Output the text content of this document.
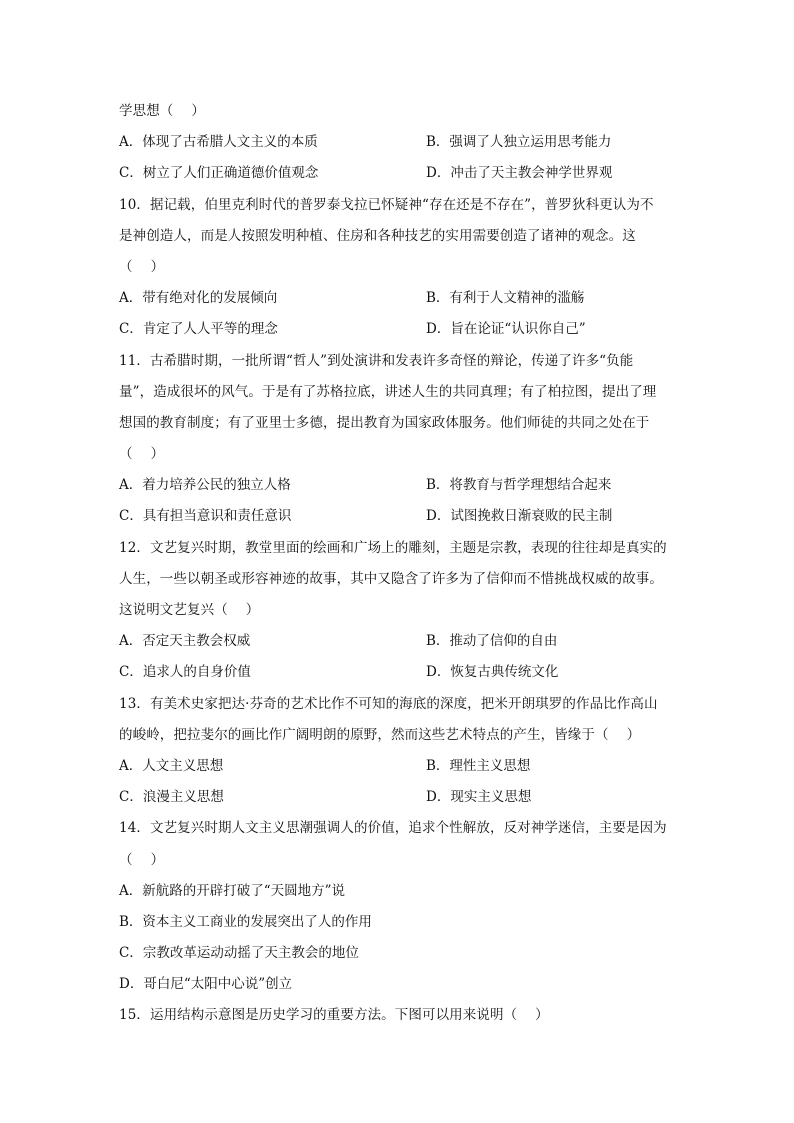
学思想（　 ）
A．体现了古希腊人文主义的本质	B．强调了人独立运用思考能力
C．树立了人们正确道德价值观念	D．冲击了天主教会神学世界观
10．据记载，伯里克利时代的普罗泰戈拉已怀疑神“存在还是不存在”，普罗狄科更认为不
是神创造人，而是人按照发明种植、住房和各种技艺的实用需要创造了诸神的观念。这
（　 ）
A．带有绝对化的发展倾向	B．有利于人文精神的滥觞
C．肯定了人人平等的理念	D．旨在论证“认识你自己”
11．古希腊时期，一批所谓“哲人”到处演讲和发表许多奇怪的辩论，传递了许多“负能
量”，造成很坏的风气。于是有了苏格拉底，讲述人生的共同真理；有了柏拉图，提出了理
想国的教育制度；有了亚里士多德，提出教育为国家政体服务。他们师徒的共同之处在于
（　 ）
A．着力培养公民的独立人格	B．将教育与哲学理想结合起来
C．具有担当意识和责任意识	D．试图挽救日渐衰败的民主制
12．文艺复兴时期，教堂里面的绘画和广场上的雕刻，主题是宗教，表现的往往却是真实的
人生，一些以朝圣或形容神迹的故事，其中又隐含了许多为了信仰而不惜挑战权威的故事。
这说明文艺复兴（　 ）
A．否定天主教会权威	B．推动了信仰的自由
C．追求人的自身价值	D．恢复古典传统文化
13．有美术史家把达·芬奇的艺术比作不可知的海底的深度，把米开朗琪罗的作品比作高山
的峻岭，把拉斐尔的画比作广阔明朗的原野，然而这些艺术特点的产生，皆缘于（　 ）
A．人文主义思想	B．理性主义思想
C．浪漫主义思想	D．现实主义思想
14．文艺复兴时期人文主义思潮强调人的价值，追求个性解放，反对神学迷信，主要是因为
（　 ）
A．新航路的开辟打破了“天圆地方”说
B．资本主义工商业的发展突出了人的作用
C．宗教改革运动动摇了天主教会的地位
D．哥白尼“太阳中心说”创立
15．运用结构示意图是历史学习的重要方法。下图可以用来说明（　 ）
